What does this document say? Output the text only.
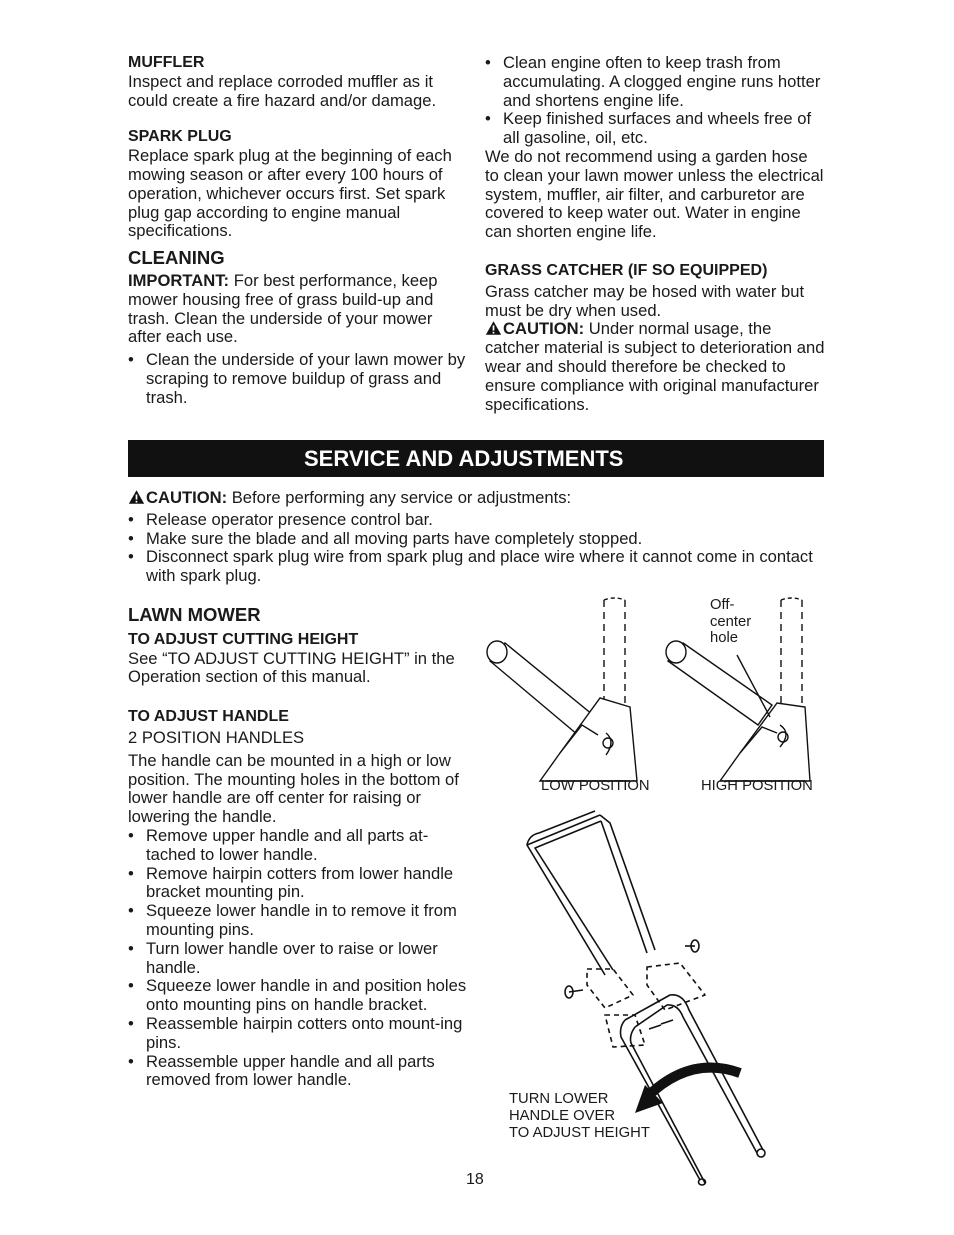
MUFFLER

Inspect and replace corroded muffler as it could create a fire hazard and/or damage.

SPARK PLUG

Replace spark plug at the beginning of each mowing season or after every 100 hours of operation, whichever occurs first. Set spark plug gap according to engine manual specifications.

CLEANING

IMPORTANT: For best performance, keep mower housing free of grass build-up and trash. Clean the underside of your mower after each use.

• Clean the underside of your lawn mower by scraping to remove buildup of grass and trash.
• Clean engine often to keep trash from accumulating. A clogged engine runs hotter and shortens engine life.
• Keep finished surfaces and wheels free of all gasoline, oil, etc.

We do not recommend using a garden hose to clean your lawn mower unless the electrical system, muffler, air filter, and carburetor are covered to keep water out. Water in engine can shorten engine life.

GRASS CATCHER (IF SO EQUIPPED)

Grass catcher may be hosed with water but must be dry when used.

CAUTION: Under normal usage, the catcher material is subject to deterioration and wear and should therefore be checked to ensure compliance with original manufacturer specifications.

SERVICE AND ADJUSTMENTS

CAUTION: Before performing any service or adjustments:

• Release operator presence control bar.
• Make sure the blade and all moving parts have completely stopped.
• Disconnect spark plug wire from spark plug and place wire where it cannot come in contact with spark plug.

LAWN MOWER

TO ADJUST CUTTING HEIGHT

See “TO ADJUST CUTTING HEIGHT” in the Operation section of this manual.

TO ADJUST HANDLE

2 POSITION HANDLES

The handle can be mounted in a high or low position. The mounting holes in the bottom of lower handle are off center for raising or lowering the handle.

• Remove upper handle and all parts at-tached to lower handle.
• Remove hairpin cotters from lower handle bracket mounting pin.
• Squeeze lower handle in to remove it from mounting pins.
• Turn lower handle over to raise or lower handle.
• Squeeze lower handle in and position holes onto mounting pins on handle bracket.
• Reassemble hairpin cotters onto mount-ing pins.
• Reassemble upper handle and all parts removed from lower handle.
Off-
center
hole
LOW POSITION	HIGH POSITION
TURN LOWER
HANDLE OVER
TO ADJUST HEIGHT
18
